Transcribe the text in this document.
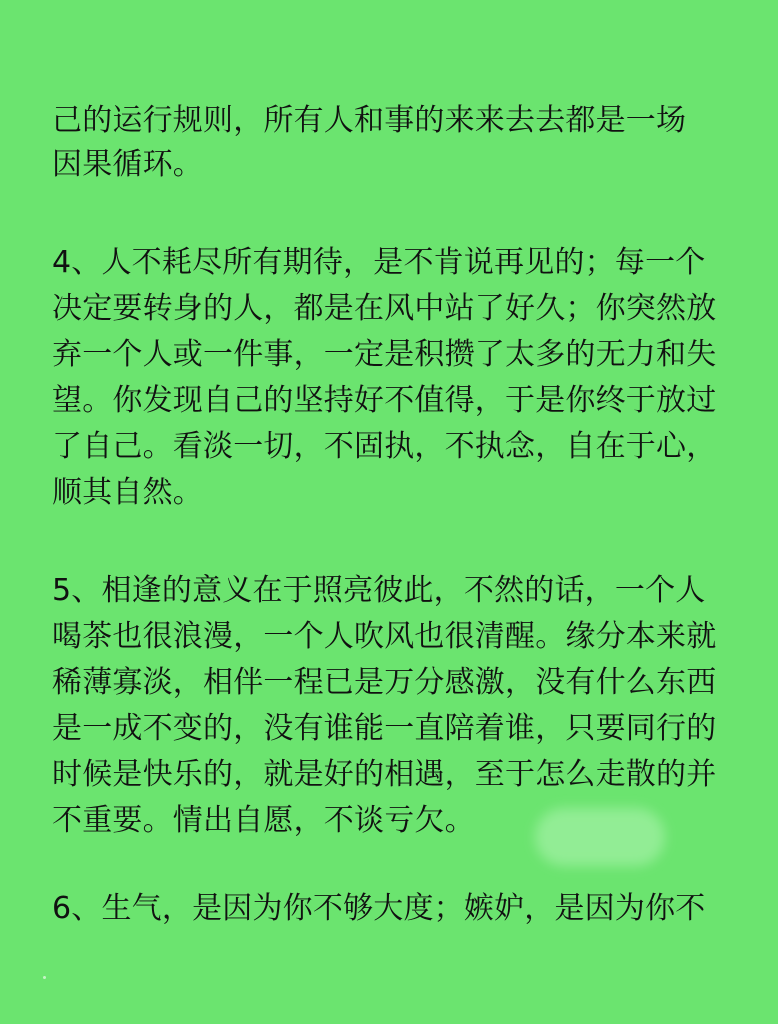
己的运行规则，所有人和事的来来去去都是一场
因果循环。
4、人不耗尽所有期待，是不肯说再见的；每一个
决定要转身的人，都是在风中站了好久；你突然放
弃一个人或一件事，一定是积攒了太多的无力和失
望。你发现自己的坚持好不值得，于是你终于放过
了自己。看淡一切，不固执，不执念，自在于心，
顺其自然。
5、相逢的意义在于照亮彼此，不然的话，一个人
喝茶也很浪漫，一个人吹风也很清醒。缘分本来就
稀薄寡淡，相伴一程已是万分感激，没有什么东西
是一成不变的，没有谁能一直陪着谁，只要同行的
时候是快乐的，就是好的相遇，至于怎么走散的并
不重要。情出自愿，不谈亏欠。
6、生气，是因为你不够大度；嫉妒，是因为你不
